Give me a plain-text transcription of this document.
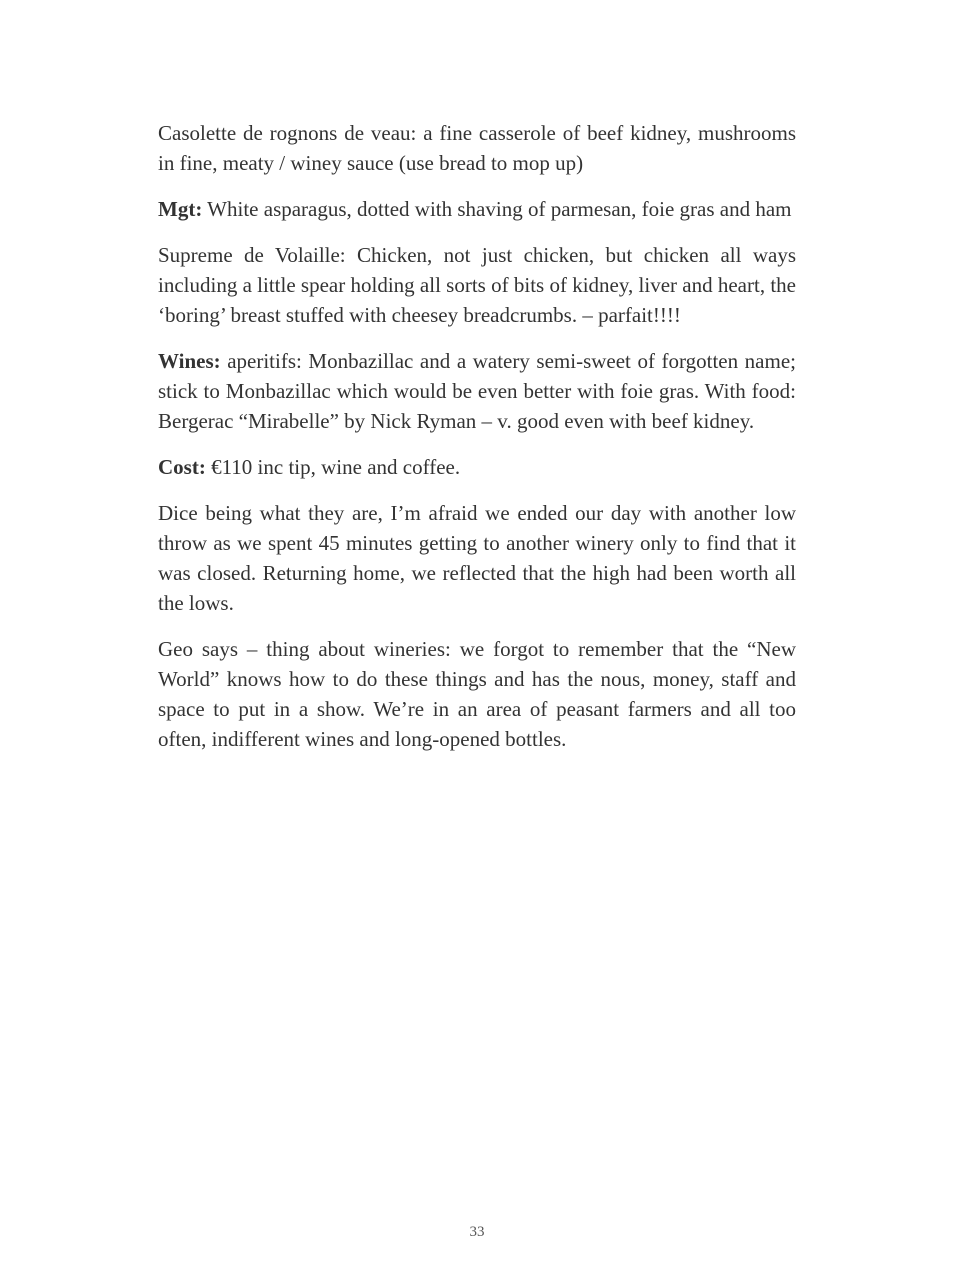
Casolette de rognons de veau: a fine casserole of beef kidney, mushrooms in fine, meaty / winey sauce (use bread to mop up)

Mgt: White asparagus, dotted with shaving of parmesan, foie gras and ham

Supreme de Volaille: Chicken, not just chicken, but chicken all ways including a little spear holding all sorts of bits of kidney, liver and heart, the ‘boring’ breast stuffed with cheesey breadcrumbs. – parfait!!!!

Wines: aperitifs: Monbazillac and a watery semi-sweet of forgotten name; stick to Monbazillac which would be even better with foie gras. With food: Bergerac “Mirabelle” by Nick Ryman – v. good even with beef kidney.

Cost: €110 inc tip, wine and coffee.

Dice being what they are, I’m afraid we ended our day with another low throw as we spent 45 minutes getting to another winery only to find that it was closed. Returning home, we reflected that the high had been worth all the lows.

Geo says – thing about wineries: we forgot to remember that the “New World” knows how to do these things and has the nous, money, staff and space to put in a show. We’re in an area of peasant farmers and all too often, indifferent wines and long-opened bottles.

33
